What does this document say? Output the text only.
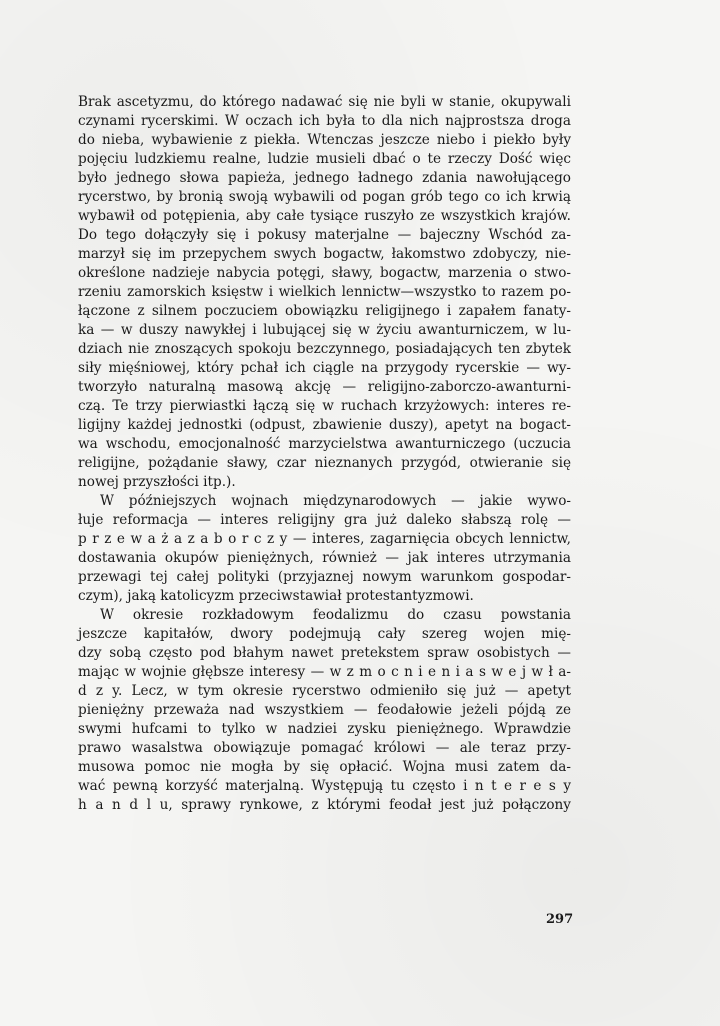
Brak ascetyzmu, do którego nadawać się nie byli w stanie, okupywali
czynami rycerskimi. W oczach ich była to dla nich najprostsza droga
do nieba, wybawienie z piekła. Wtenczas jeszcze niebo i piekło były
pojęciu ludzkiemu realne, ludzie musieli dbać o te rzeczy Dość więc
było jednego słowa papieża, jednego ładnego zdania nawołującego
rycerstwo, by bronią swoją wybawili od pogan grób tego co ich krwią
wybawił od potępienia, aby całe tysiące ruszyło ze wszystkich krajów.
Do tego dołączyły się i pokusy materjalne — bajeczny Wschód za-
marzył się im przepychem swych bogactw, łakomstwo zdobyczy, nie-
określone nadzieje nabycia potęgi, sławy, bogactw, marzenia o stwo-
rzeniu zamorskich księstw i wielkich lennictw—wszystko to razem po-
łączone z silnem poczuciem obowiązku religijnego i zapałem fanaty-
ka — w duszy nawykłej i lubującej się w życiu awanturniczem, w lu-
dziach nie znoszących spokoju bezczynnego, posiadających ten zbytek
siły mięśniowej, który pchał ich ciągle na przygody rycerskie — wy-
tworzyło naturalną masową akcję — religijno-zaborczo-awanturni-
czą. Te trzy pierwiastki łączą się w ruchach krzyżowych: interes re-
ligijny każdej jednostki (odpust, zbawienie duszy), apetyt na bogact-
wa wschodu, emocjonalność marzycielstwa awanturniczego (uczucia
religijne, pożądanie sławy, czar nieznanych przygód, otwieranie się
nowej przyszłości itp.).
W późniejszych wojnach międzynarodowych — jakie wywo-
łuje reformacja — interes religijny gra już daleko słabszą rolę —
p r z e w a ż a z a b o r c z y — interes, zagarnięcia obcych lennictw,
dostawania okupów pieniężnych, również — jak interes utrzymania
przewagi tej całej polityki (przyjaznej nowym warunkom gospodar-
czym), jaką katolicyzm przeciwstawiał protestantyzmowi.
W okresie rozkładowym feodalizmu do czasu powstania
jeszcze kapitałów, dwory podejmują cały szereg wojen mię-
dzy sobą często pod błahym nawet pretekstem spraw osobistych —
mając w wojnie głębsze interesy — w z m o c n i e n i a s w e j w ł a-
d z y. Lecz, w tym okresie rycerstwo odmieniło się już — apetyt
pieniężny przeważa nad wszystkiem — feodałowie jeżeli pójdą ze
swymi hufcami to tylko w nadziei zysku pieniężnego. Wprawdzie
prawo wasalstwa obowiązuje pomagać królowi — ale teraz przy-
musowa pomoc nie mogła by się opłacić. Wojna musi zatem da-
wać pewną korzyść materjalną. Występują tu często i n t e r e s y
h a n d l u, sprawy rynkowe, z którymi feodał jest już połączony
297
